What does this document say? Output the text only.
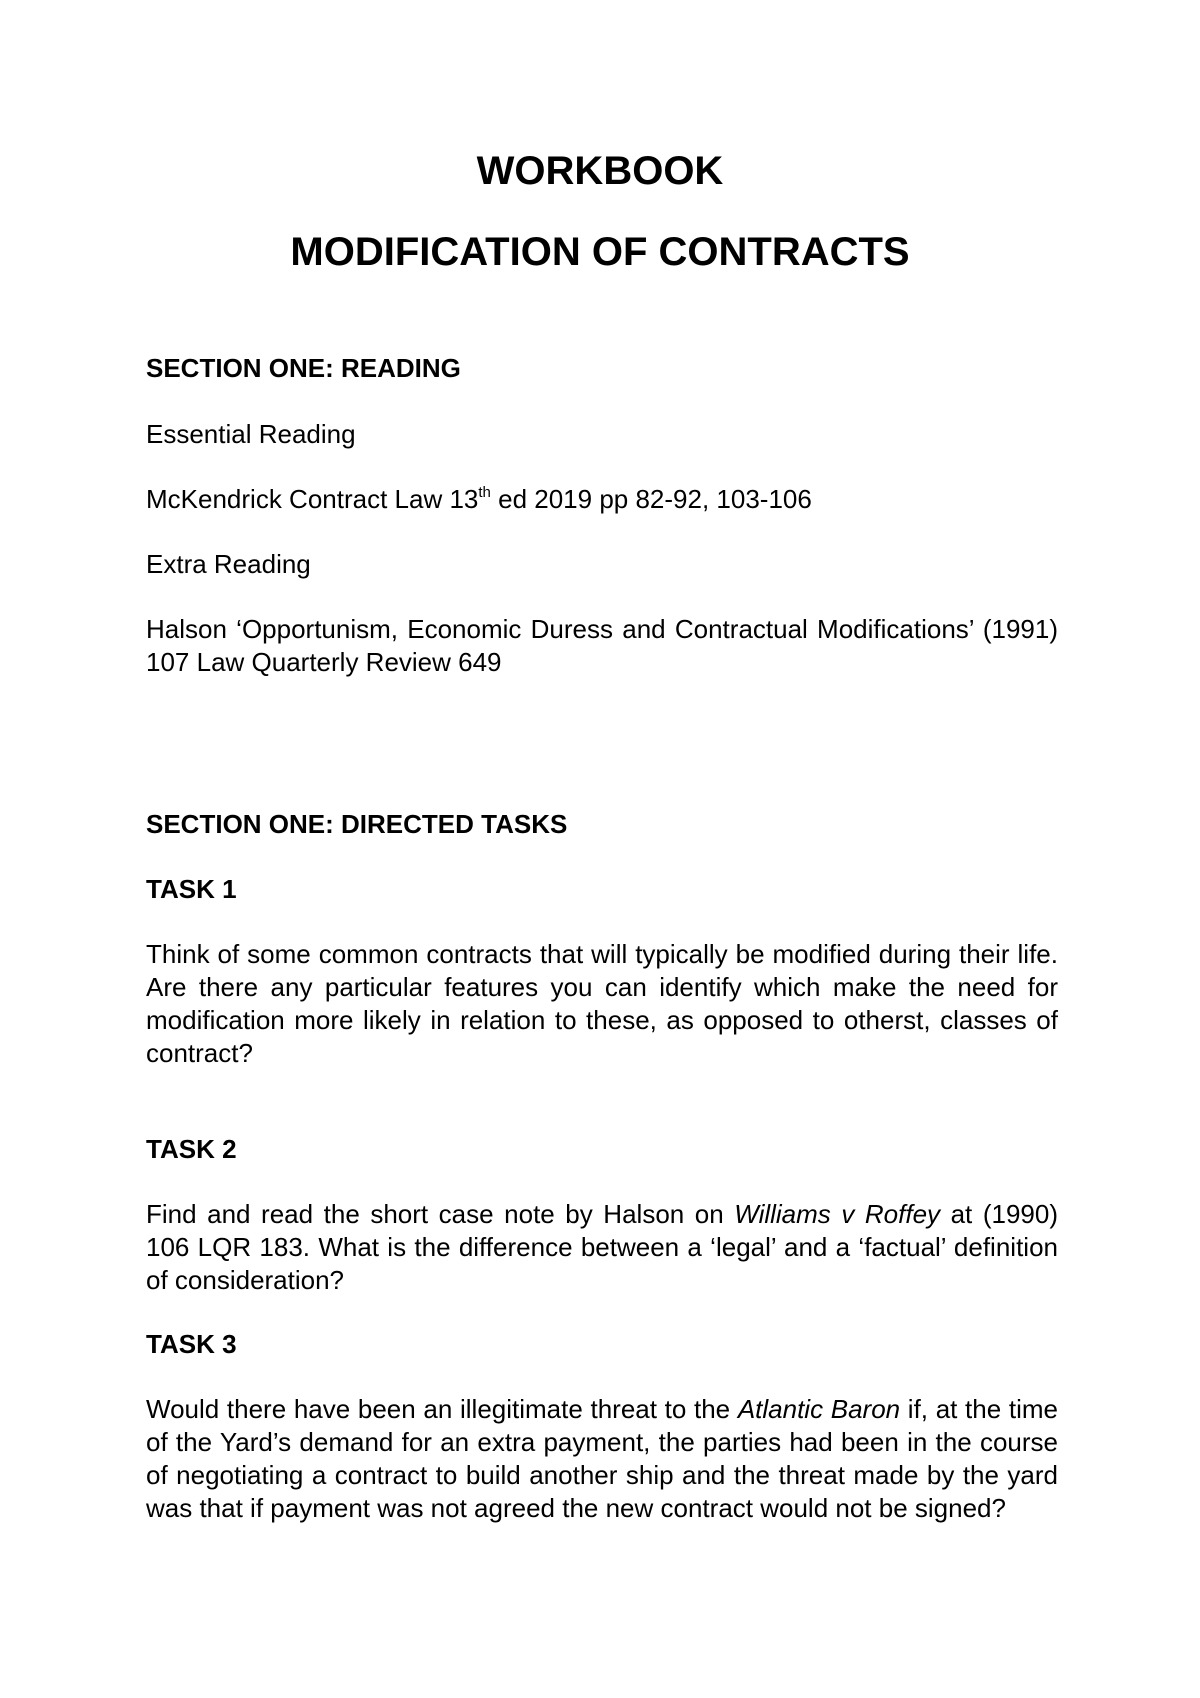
WORKBOOK
MODIFICATION OF CONTRACTS

SECTION ONE: READING

Essential Reading

McKendrick Contract Law 13th ed 2019 pp 82-92, 103-106

Extra Reading

Halson ‘Opportunism, Economic Duress and Contractual Modifications’ (1991) 107 Law Quarterly Review 649

SECTION ONE: DIRECTED TASKS

TASK 1

Think of some common contracts that will typically be modified during their life. Are there any particular features you can identify which make the need for modification more likely in relation to these, as opposed to otherst, classes of contract?

TASK 2

Find and read the short case note by Halson on Williams v Roffey at (1990) 106 LQR 183. What is the difference between a ‘legal’ and a ‘factual’ definition of consideration?

TASK 3

Would there have been an illegitimate threat to the Atlantic Baron if, at the time of the Yard’s demand for an extra payment, the parties had been in the course of negotiating a contract to build another ship and the threat made by the yard was that if payment was not agreed the new contract would not be signed?
